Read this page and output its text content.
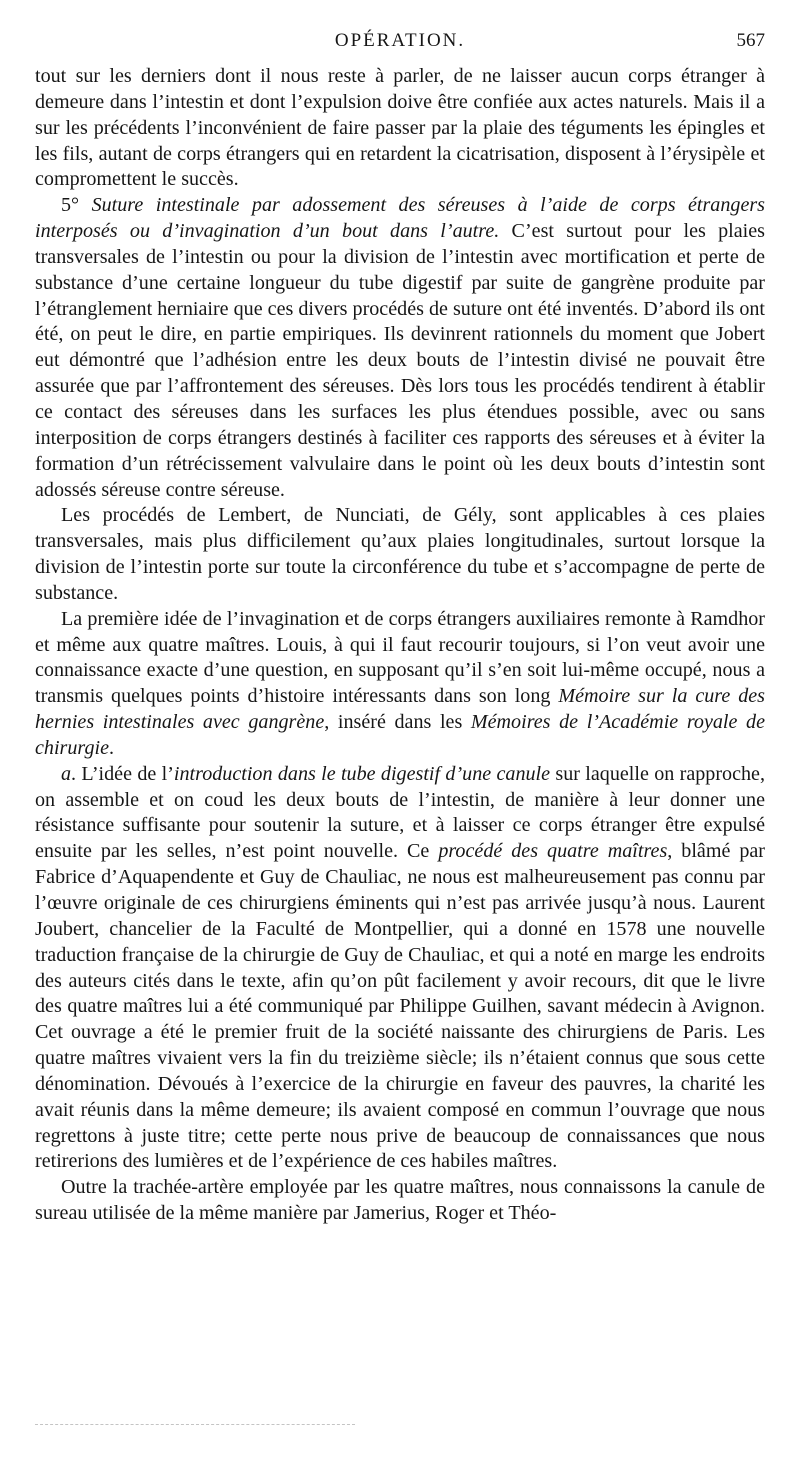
OPÉRATION.	567

tout sur les derniers dont il nous reste à parler, de ne laisser aucun corps étranger à demeure dans l’intestin et dont l’expulsion doive être confiée aux actes naturels. Mais il a sur les précédents l’inconvénient de faire passer par la plaie des téguments les épingles et les fils, autant de corps étrangers qui en retardent la cicatrisation, disposent à l’érysipèle et compromettent le succès.

5° Suture intestinale par adossement des séreuses à l’aide de corps étrangers interposés ou d’invagination d’un bout dans l’autre. C’est surtout pour les plaies transversales de l’intestin ou pour la division de l’intestin avec mortification et perte de substance d’une certaine longueur du tube digestif par suite de gangrène produite par l’étranglement herniaire que ces divers procédés de suture ont été inventés. D’abord ils ont été, on peut le dire, en partie empiriques. Ils devinrent rationnels du moment que Jobert eut démontré que l’adhésion entre les deux bouts de l’intestin divisé ne pouvait être assurée que par l’affrontement des séreuses. Dès lors tous les procédés tendirent à établir ce contact des séreuses dans les surfaces les plus étendues possible, avec ou sans interposition de corps étrangers destinés à faciliter ces rapports des séreuses et à éviter la formation d’un rétrécissement valvulaire dans le point où les deux bouts d’intestin sont adossés séreuse contre séreuse.

Les procédés de Lembert, de Nunciati, de Gély, sont applicables à ces plaies transversales, mais plus difficilement qu’aux plaies longitudinales, surtout lorsque la division de l’intestin porte sur toute la circonférence du tube et s’accompagne de perte de substance.

La première idée de l’invagination et de corps étrangers auxiliaires remonte à Ramdhor et même aux quatre maîtres. Louis, à qui il faut recourir toujours, si l’on veut avoir une connaissance exacte d’une question, en supposant qu’il s’en soit lui-même occupé, nous a transmis quelques points d’histoire intéressants dans son long Mémoire sur la cure des hernies intestinales avec gangrène, inséré dans les Mémoires de l’Académie royale de chirurgie.

a. L’idée de l’introduction dans le tube digestif d’une canule sur laquelle on rapproche, on assemble et on coud les deux bouts de l’intestin, de manière à leur donner une résistance suffisante pour soutenir la suture, et à laisser ce corps étranger être expulsé ensuite par les selles, n’est point nouvelle. Ce procédé des quatre maîtres, blâmé par Fabrice d’Aquapendente et Guy de Chauliac, ne nous est malheureusement pas connu par l’œuvre originale de ces chirurgiens éminents qui n’est pas arrivée jusqu’à nous. Laurent Joubert, chancelier de la Faculté de Montpellier, qui a donné en 1578 une nouvelle traduction française de la chirurgie de Guy de Chauliac, et qui a noté en marge les endroits des auteurs cités dans le texte, afin qu’on pût facilement y avoir recours, dit que le livre des quatre maîtres lui a été communiqué par Philippe Guilhen, savant médecin à Avignon. Cet ouvrage a été le premier fruit de la société naissante des chirurgiens de Paris. Les quatre maîtres vivaient vers la fin du treizième siècle; ils n’étaient connus que sous cette dénomination. Dévoués à l’exercice de la chirurgie en faveur des pauvres, la charité les avait réunis dans la même demeure; ils avaient composé en commun l’ouvrage que nous regrettons à juste titre; cette perte nous prive de beaucoup de connaissances que nous retirerions des lumières et de l’expérience de ces habiles maîtres.

Outre la trachée-artère employée par les quatre maîtres, nous connaissons la canule de sureau utilisée de la même manière par Jamerius, Roger et Théo-
